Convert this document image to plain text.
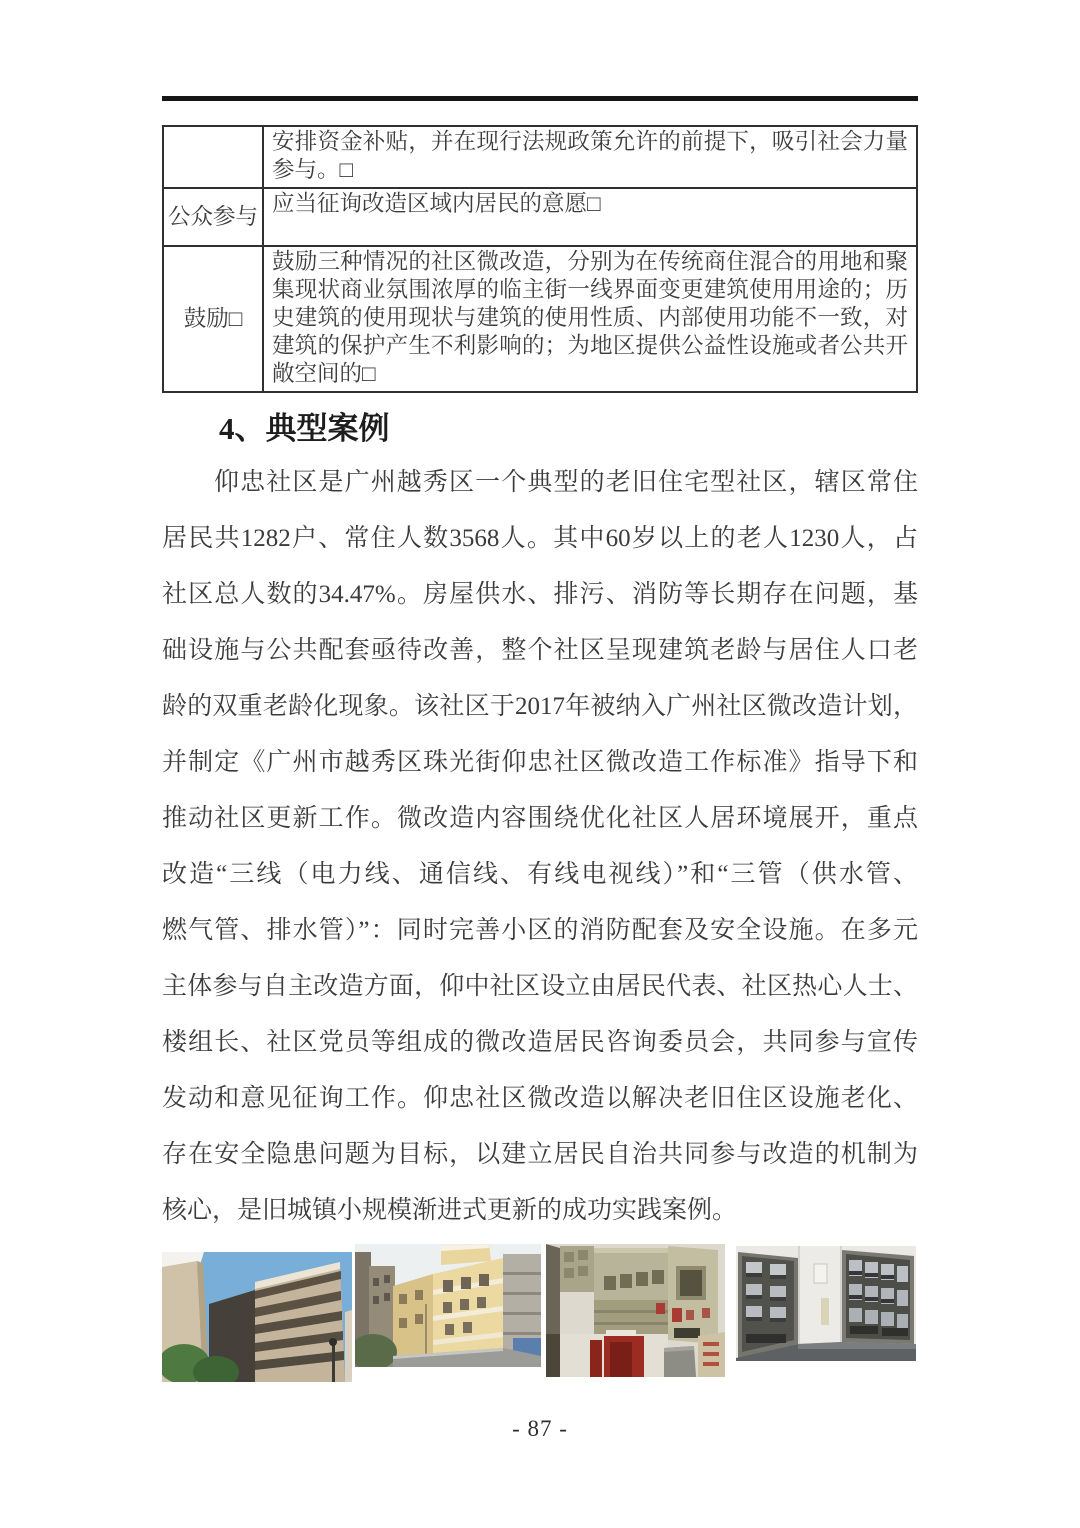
	安排资金补贴，并在现行法规政策允许的前提下，吸引社会力量参与。□
公众参与	应当征询改造区域内居民的意愿□
鼓励□	鼓励三种情况的社区微改造，分别为在传统商住混合的用地和聚集现状商业氛围浓厚的临主街一线界面变更建筑使用用途的；历史建筑的使用现状与建筑的使用性质、内部使用功能不一致，对建筑的保护产生不利影响的；为地区提供公益性设施或者公共开敞空间的□
4、典型案例
仰忠社区是广州越秀区一个典型的老旧住宅型社区，辖区常住
居民共1282户、常住人数3568人。其中60岁以上的老人1230人，占
社区总人数的34.47%。房屋供水、排污、消防等长期存在问题，基
础设施与公共配套亟待改善，整个社区呈现建筑老龄与居住人口老
龄的双重老龄化现象。该社区于2017年被纳入广州社区微改造计划，
并制定《广州市越秀区珠光街仰忠社区微改造工作标准》指导下和
推动社区更新工作。微改造内容围绕优化社区人居环境展开，重点
改造“三线（电力线、通信线、有线电视线）”和“三管（供水管、
燃气管、排水管）”：同时完善小区的消防配套及安全设施。在多元
主体参与自主改造方面，仰中社区设立由居民代表、社区热心人士、
楼组长、社区党员等组成的微改造居民咨询委员会，共同参与宣传
发动和意见征询工作。仰忠社区微改造以解决老旧住区设施老化、
存在安全隐患问题为目标，以建立居民自治共同参与改造的机制为
核心，是旧城镇小规模渐进式更新的成功实践案例。
- 87 -
